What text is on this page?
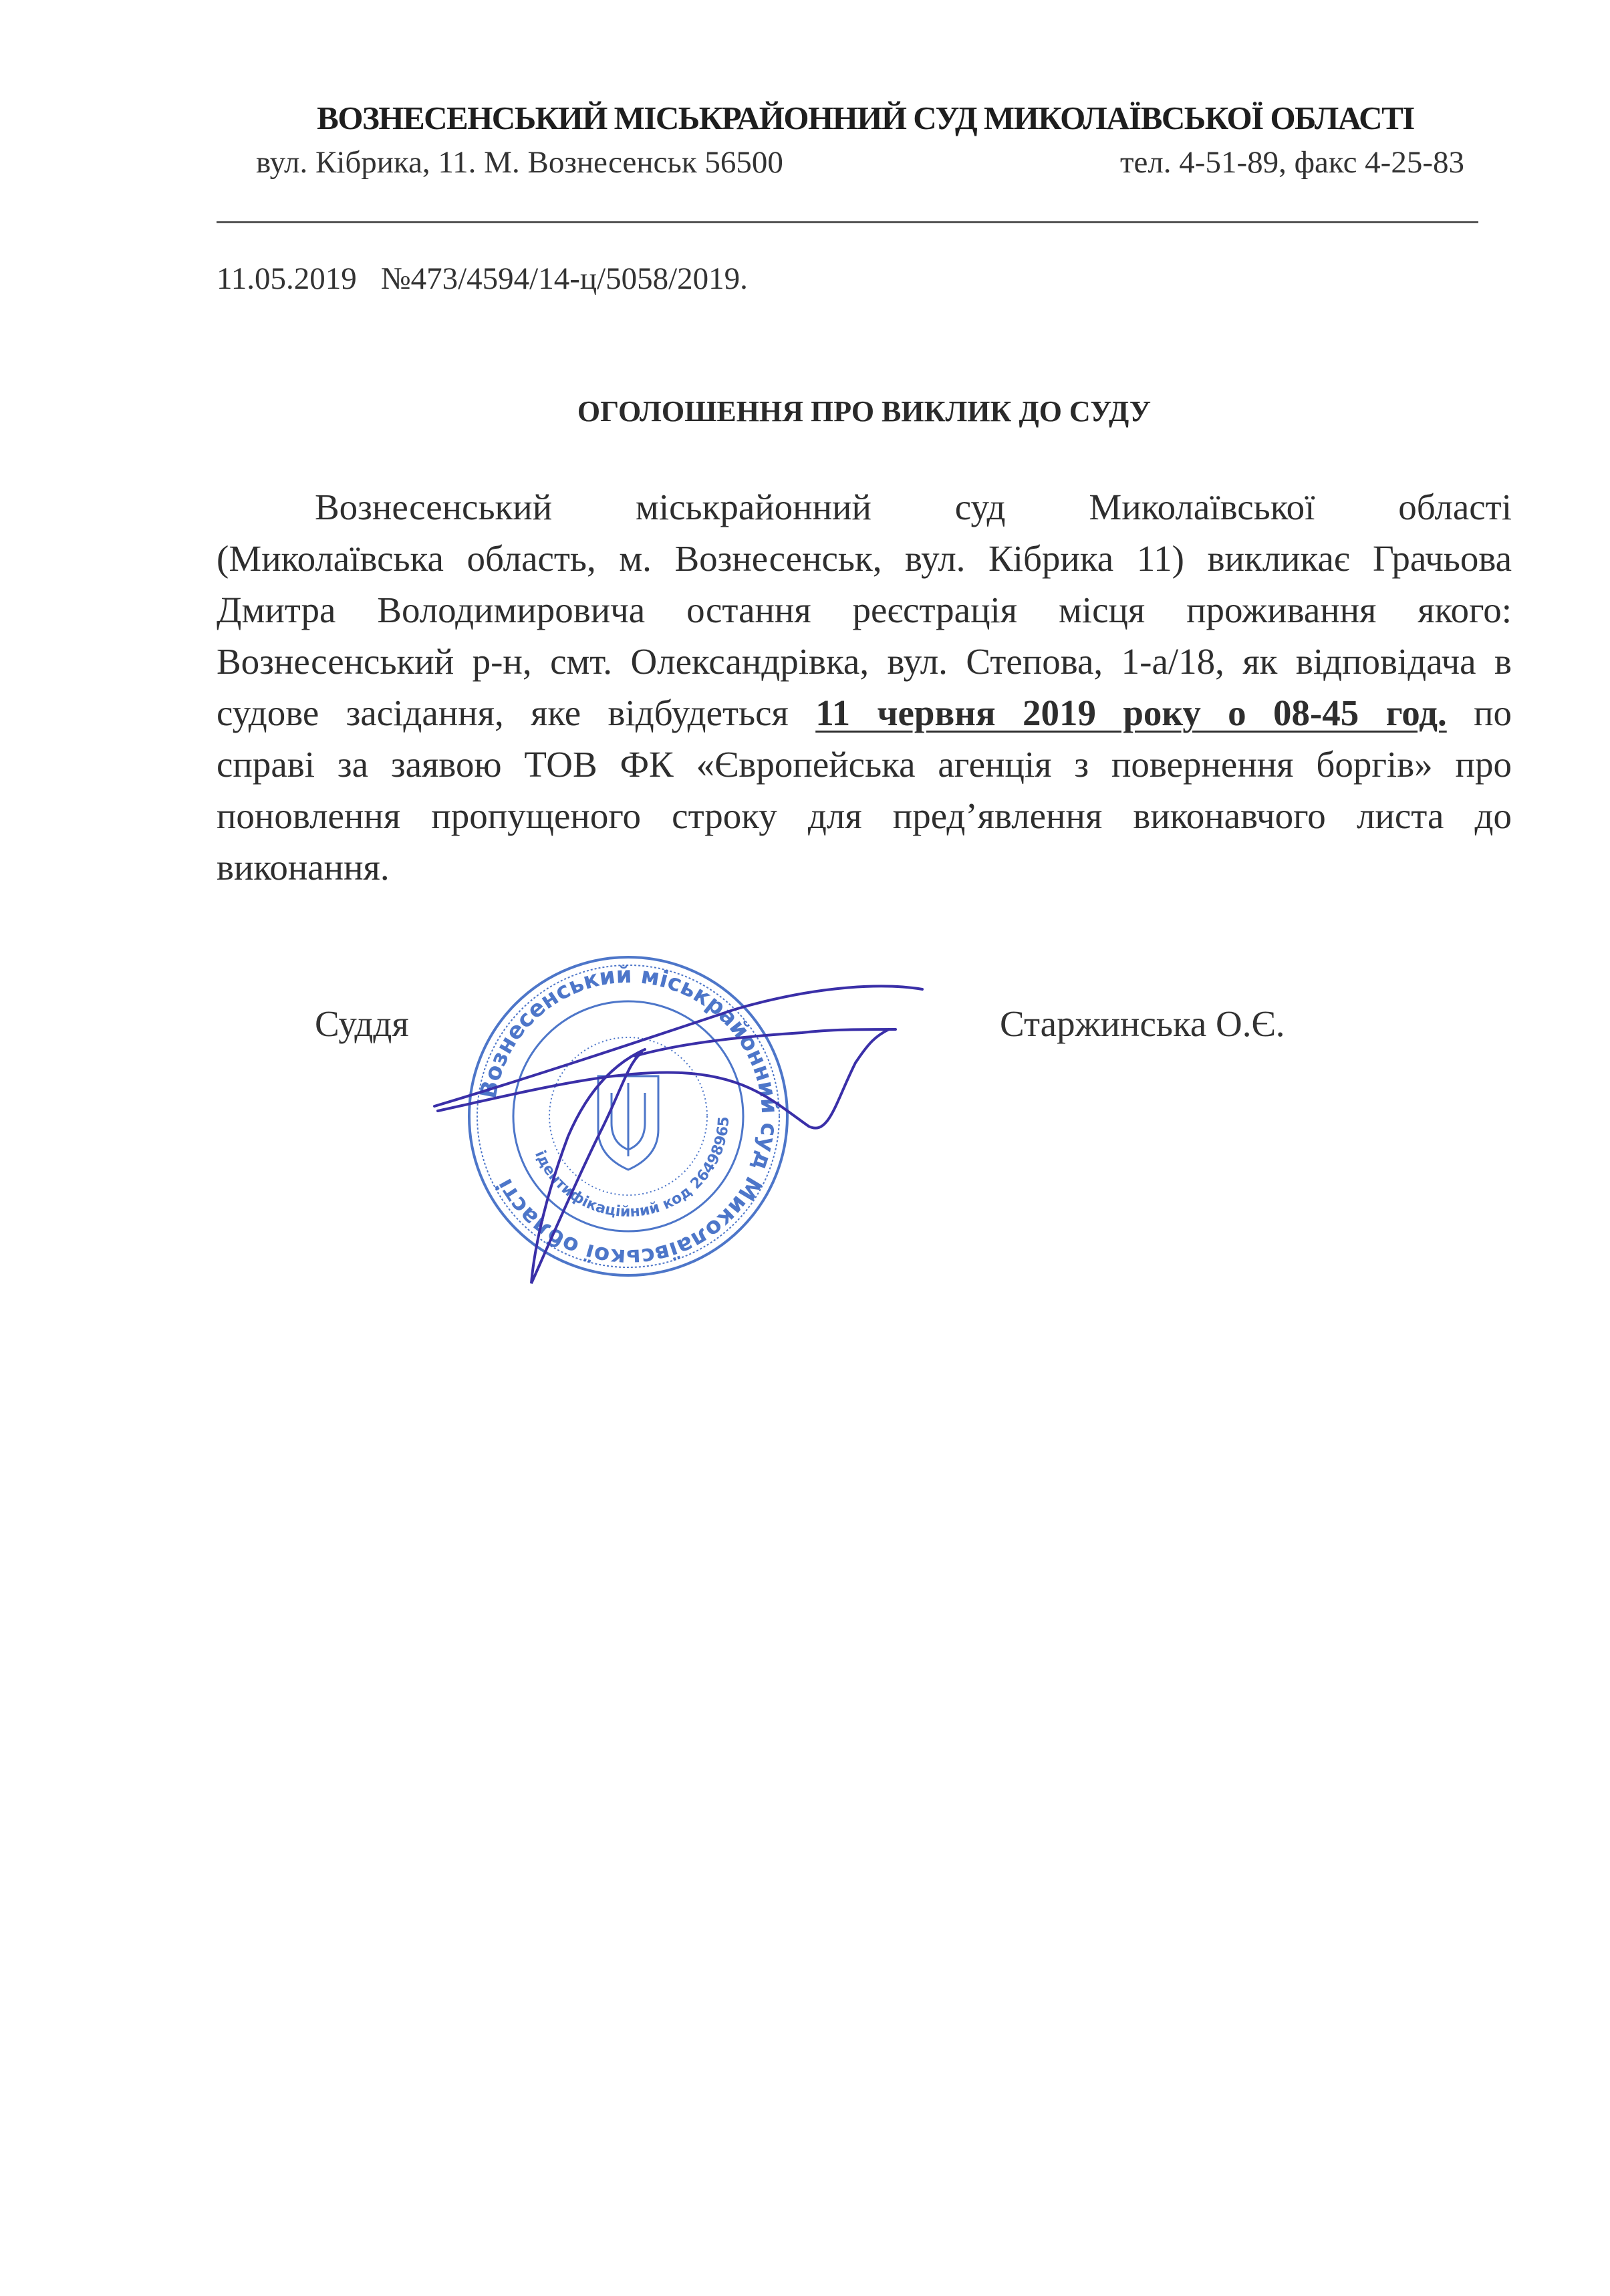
ВОЗНЕСЕНСЬКИЙ МІСЬКРАЙОННИЙ СУД МИКОЛАЇВСЬКОЇ ОБЛАСТІ
вул. Кібрика, 11. М. Вознесенськ 56500	тел. 4-51-89, факс 4-25-83
11.05.2019 №473/4594/14-ц/5058/2019.
ОГОЛОШЕННЯ ПРО ВИКЛИК ДО СУДУ
Вознесенський міськрайонний суд Миколаївської області
(Миколаївська область, м. Вознесенськ, вул. Кібрика 11) викликає Грачьова
Дмитра Володимировича остання реєстрація місця проживання якого:
Вознесенський р-н, смт. Олександрівка, вул. Степова, 1-а/18, як відповідача в
судове засідання, яке відбудеться 11 червня 2019 року о 08-45 год. по
справі за заявою ТОВ ФК «Європейська агенція з повернення боргів» про
поновлення пропущеного строку для пред’явлення виконавчого листа до
виконання.
Суддя	Старжинська О.Є.
Вознесенський міськрайонний суд Миколаївської області
ідентифікаційний код 26498965
